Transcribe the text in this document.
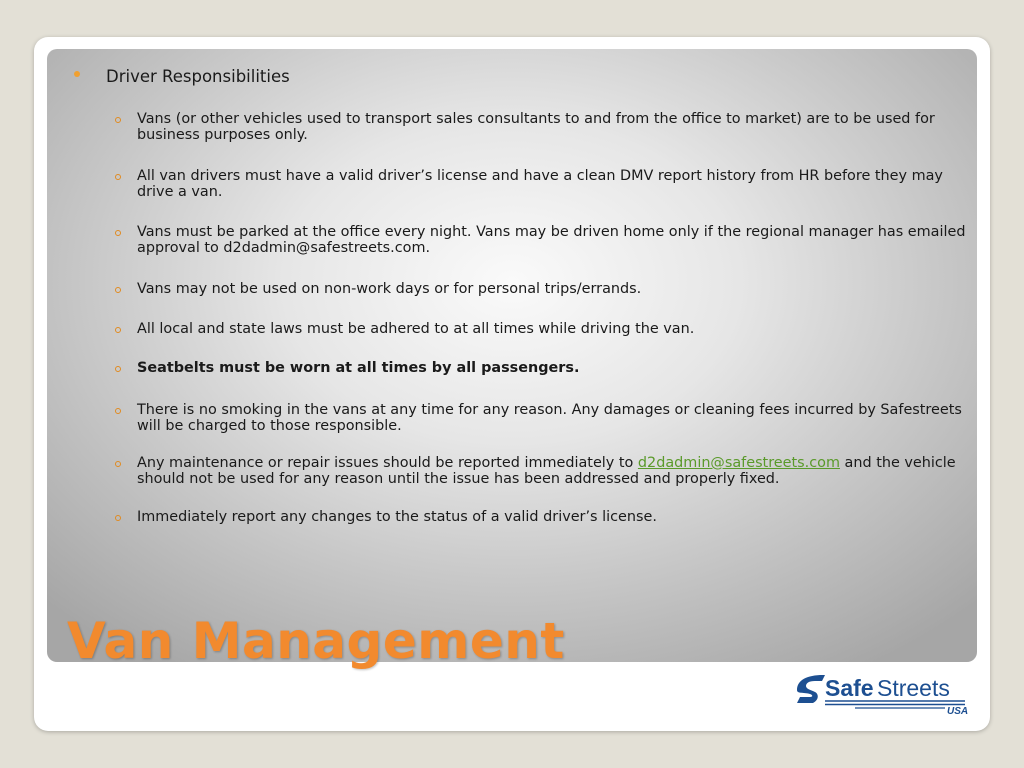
Driver Responsibilities
Vans (or other vehicles used to transport sales consultants to and from the office to market) are to be used for business purposes only.
All van drivers must have a valid driver’s license and have a clean DMV report history from HR before they may drive a van.
Vans must be parked at the office every night. Vans may be driven home only if the regional manager has emailed approval to d2dadmin@safestreets.com.
Vans may not be used on non-work days or for personal trips/errands.
All local and state laws must be adhered to at all times while driving the van.
Seatbelts must be worn at all times by all passengers.
There is no smoking in the vans at any time for any reason. Any damages or cleaning fees incurred by Safestreets will be charged to those responsible.
Any maintenance or repair issues should be reported immediately to d2dadmin@safestreets.com and the vehicle should not be used for any reason until the issue has been addressed and properly fixed.
Immediately report any changes to the status of a valid driver’s license.
Van Management
Safe Streets
USA
